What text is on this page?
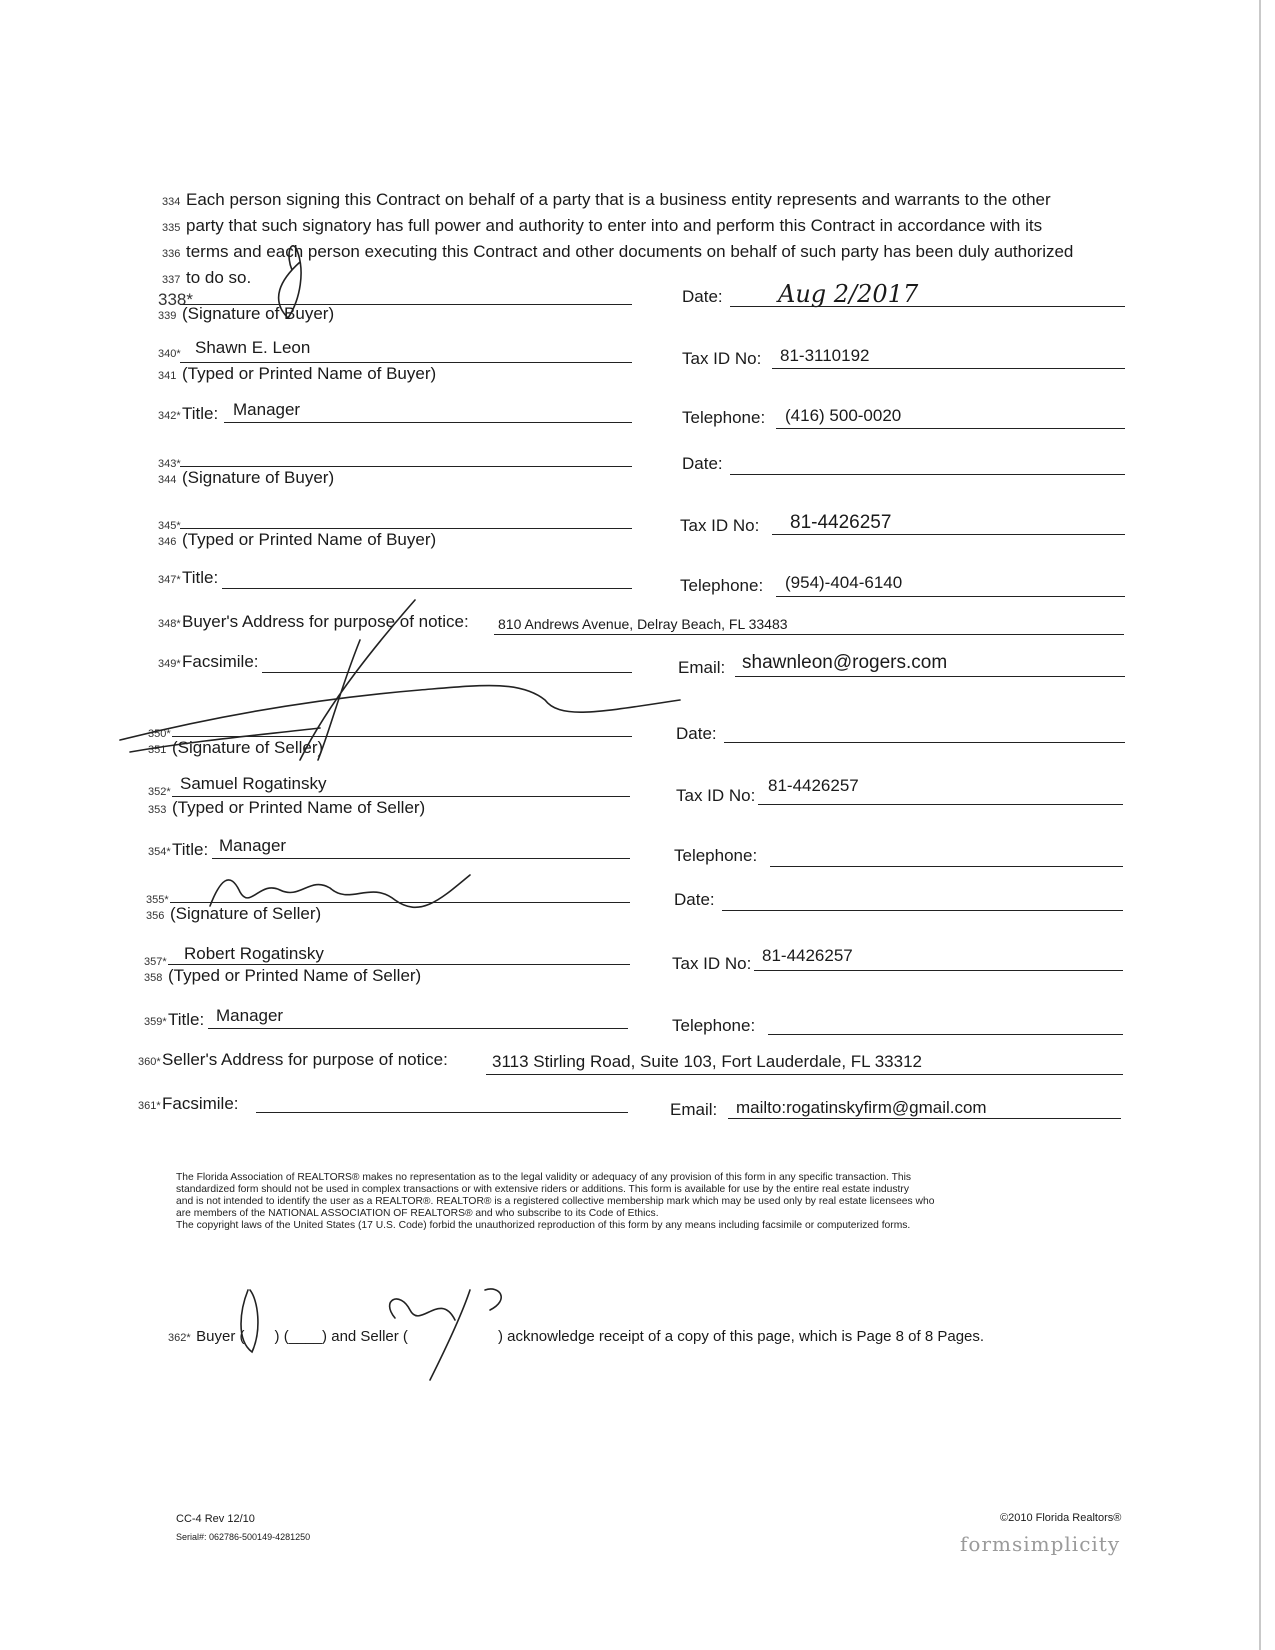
334 Each person signing this Contract on behalf of a party that is a business entity represents and warrants to the other
335 party that such signatory has full power and authority to enter into and perform this Contract in accordance with its
336 terms and each person executing this Contract and other documents on behalf of such party has been duly authorized
337 to do so.
338*
339 (Signature of Buyer)
Date: Aug 2/2017
340* Shawn E. Leon
341 (Typed or Printed Name of Buyer)
Tax ID No: 81-3110192
342*Title: Manager	Telephone: (416) 500-0020
343*
344 (Signature of Buyer)
Date:
345*
346 (Typed or Printed Name of Buyer)
Tax ID No: 81-4426257
347*Title:	Telephone: (954)-404-6140
348*Buyer's Address for purpose of notice: 810 Andrews Avenue, Delray Beach, FL 33483
349*Facsimile:	Email: shawnleon@rogers.com
350*
351 (Signature of Seller)
Date:
352* Samuel Rogatinsky
353 (Typed or Printed Name of Seller)
Tax ID No:
81-4426257
354*Title: Manager
Telephone:
355*
356 (Signature of Seller)
Date:
357* Robert Rogatinsky
358 (Typed or Printed Name of Seller)
Tax ID No: 81-4426257
359*Title: Manager
Telephone:
360*Seller's Address for purpose of notice:	3113 Stirling Road, Suite 103, Fort Lauderdale, FL 33312
361*Facsimile:	Email: mailto:rogatinskyfirm@gmail.com
The Florida Association of REALTORS® makes no representation as to the legal validity or adequacy of any provision of this form in any specific transaction. This
standardized form should not be used in complex transactions or with extensive riders or additions. This form is available for use by the entire real estate industry
and is not intended to identify the user as a REALTOR®. REALTOR® is a registered collective membership mark which may be used only by real estate licensees who
are members of the NATIONAL ASSOCIATION OF REALTORS® and who subscribe to its Code of Ethics.
The copyright laws of the United States (17 U.S. Code) forbid the unauthorized reproduction of this form by any means including facsimile or computerized forms.
362* Buyer ( ) (____) and Seller (	) acknowledge receipt of a copy of this page, which is Page 8 of 8 Pages.
CC-4 Rev 12/10
Serial#: 062786-500149-4281250
©2010 Florida Realtors®
formsimplicity
